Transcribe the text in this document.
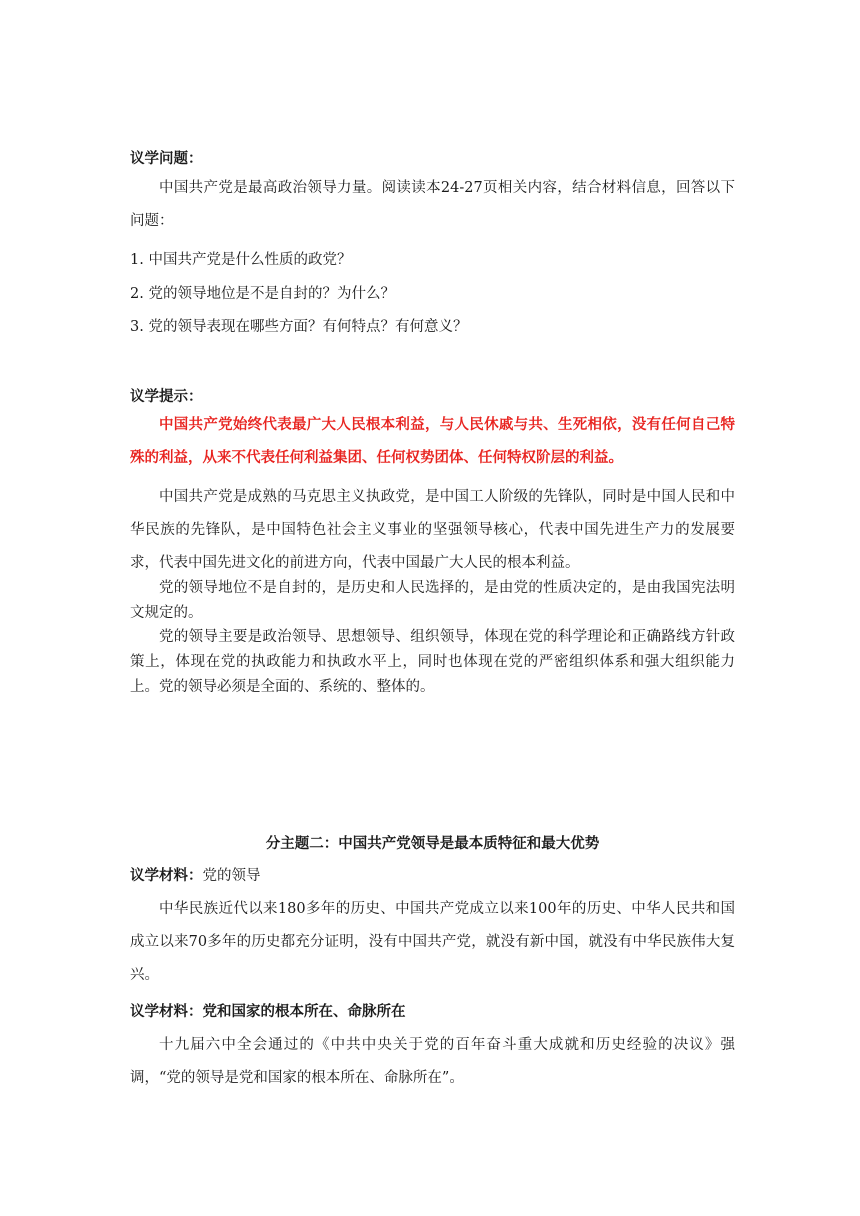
议学问题：

中国共产党是最高政治领导力量。阅读读本24-27页相关内容，结合材料信息，回答以下问题：

1. 中国共产党是什么性质的政党？
2. 党的领导地位是不是自封的？为什么？
3. 党的领导表现在哪些方面？有何特点？有何意义？
议学提示：

中国共产党始终代表最广大人民根本利益，与人民休戚与共、生死相依，没有任何自己特殊的利益，从来不代表任何利益集团、任何权势团体、任何特权阶层的利益。

中国共产党是成熟的马克思主义执政党，是中国工人阶级的先锋队，同时是中国人民和中华民族的先锋队，是中国特色社会主义事业的坚强领导核心，代表中国先进生产力的发展要求，代表中国先进文化的前进方向，代表中国最广大人民的根本利益。

党的领导地位不是自封的，是历史和人民选择的，是由党的性质决定的，是由我国宪法明文规定的。

党的领导主要是政治领导、思想领导、组织领导，体现在党的科学理论和正确路线方针政策上，体现在党的执政能力和执政水平上，同时也体现在党的严密组织体系和强大组织能力上。党的领导必须是全面的、系统的、整体的。

分主题二：中国共产党领导是最本质特征和最大优势
议学材料：党的领导

中华民族近代以来180多年的历史、中国共产党成立以来100年的历史、中华人民共和国成立以来70多年的历史都充分证明，没有中国共产党，就没有新中国，就没有中华民族伟大复兴。

议学材料：党和国家的根本所在、命脉所在

十九届六中全会通过的《中共中央关于党的百年奋斗重大成就和历史经验的决议》强调，“党的领导是党和国家的根本所在、命脉所在”。
